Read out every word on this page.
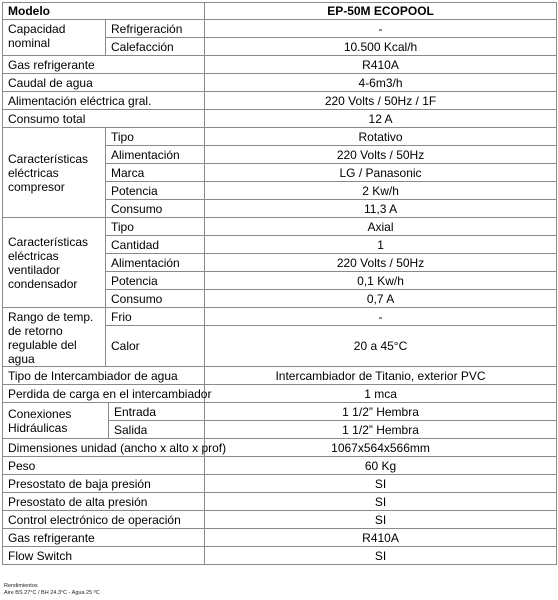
Modelo			EP-50M ECOPOOL
Capacidad nominal	Refrigeración		-
	Calefacción		10.500 Kcal/h
Gas refrigerante			R410A
Caudal de agua			4-6m3/h
Alimentación eléctrica gral.			220 Volts / 50Hz / 1F
Consumo total			12 A
Características eléctricas compresor	Tipo		Rotativo
	Alimentación		220 Volts / 50Hz
	Marca		LG / Panasonic
	Potencia		2 Kw/h
	Consumo		11,3 A
Características eléctricas ventilador condensador	Tipo		Axial
	Cantidad		1
	Alimentación		220 Volts / 50Hz
	Potencia		0,1 Kw/h
	Consumo		0,7 A
Rango de temp. de retorno regulable del agua	Frio		-
	Calor		20 a 45°C
Tipo de Intercambiador de agua			Intercambiador de Titanio, exterior PVC
Perdida de carga en el intercambiador			1 mca
Conexiones Hidráulicas		Entrada	1 1/2” Hembra
		Salida	1 1/2” Hembra
Dimensiones unidad (ancho x alto x prof)			1067x564x566mm
Peso			60 Kg
Presostato de baja presión			SI
Presostato de alta presión			SI
Control electrónico de operación			SI
Gas refrigerante			R410A
Flow Switch			SI
Rendimientos
Aire BS 27°C / BH 24.3°C - Agua 25 ºC
